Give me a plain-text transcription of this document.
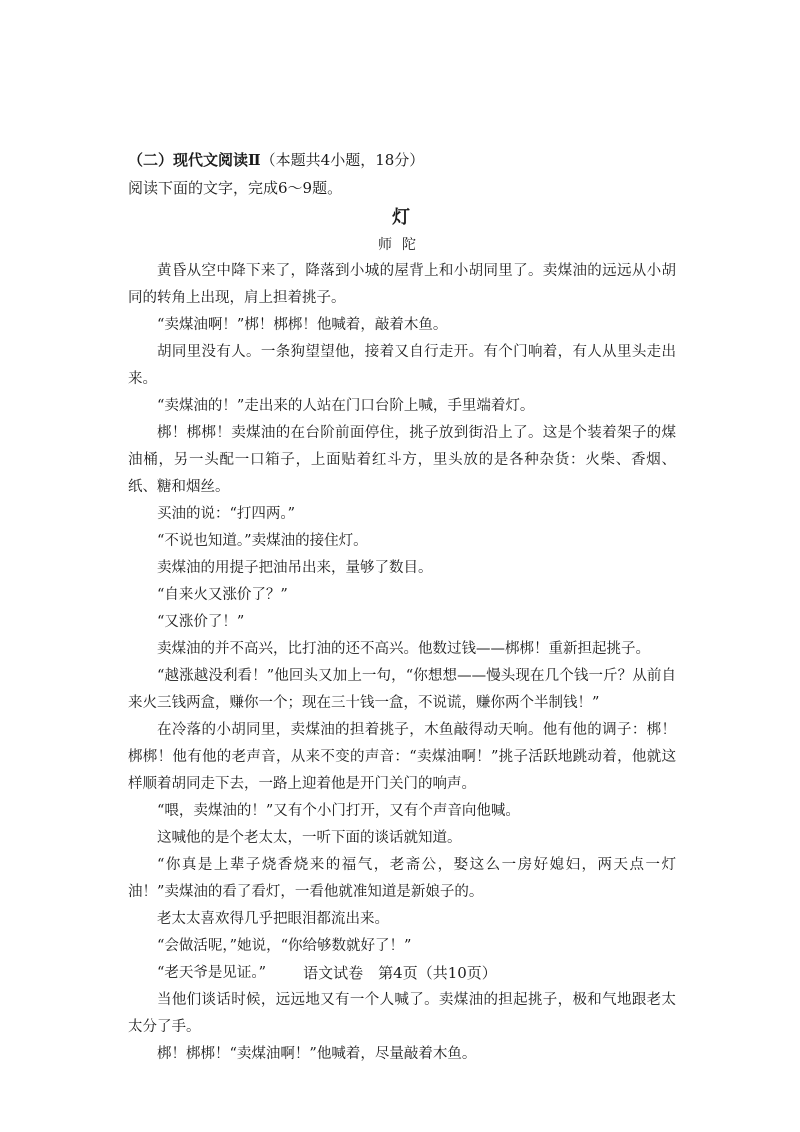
（二）现代文阅读Ⅱ（本题共4小题，18分）

阅读下面的文字，完成6～9题。

灯

师陀

黄昏从空中降下来了，降落到小城的屋背上和小胡同里了。卖煤油的远远从小胡同的转角上出现，肩上担着挑子。

“卖煤油啊！”梆！梆梆！他喊着，敲着木鱼。

胡同里没有人。一条狗望望他，接着又自行走开。有个门响着，有人从里头走出来。

“卖煤油的！”走出来的人站在门口台阶上喊，手里端着灯。

梆！梆梆！卖煤油的在台阶前面停住，挑子放到街沿上了。这是个装着架子的煤油桶，另一头配一口箱子，上面贴着红斗方，里头放的是各种杂货：火柴、香烟、纸、糖和烟丝。

买油的说：“打四两。”

“不说也知道。”卖煤油的接住灯。

卖煤油的用提子把油吊出来，量够了数目。

“自来火又涨价了？”

“又涨价了！”

卖煤油的并不高兴，比打油的还不高兴。他数过钱——梆梆！重新担起挑子。

“越涨越没利看！”他回头又加上一句，“你想想——慢头现在几个钱一斤？从前自来火三钱两盒，赚你一个；现在三十钱一盒，不说谎，赚你两个半制钱！”

在冷落的小胡同里，卖煤油的担着挑子，木鱼敲得动天响。他有他的调子：梆！梆梆！他有他的老声音，从来不变的声音：“卖煤油啊！”挑子活跃地跳动着，他就这样顺着胡同走下去，一路上迎着他是开门关门的响声。

“喂，卖煤油的！”又有个小门打开，又有个声音向他喊。

这喊他的是个老太太，一听下面的谈话就知道。

“你真是上辈子烧香烧来的福气，老斋公，娶这么一房好媳妇，两天点一灯油！”卖煤油的看了看灯，一看他就准知道是新娘子的。

老太太喜欢得几乎把眼泪都流出来。

“会做活呢，”她说，“你给够数就好了！”

“老天爷是见证。”

当他们谈话时候，远远地又有一个人喊了。卖煤油的担起挑子，极和气地跟老太太分了手。

梆！梆梆！“卖煤油啊！”他喊着，尽量敲着木鱼。

语文试卷　第4页（共10页）
